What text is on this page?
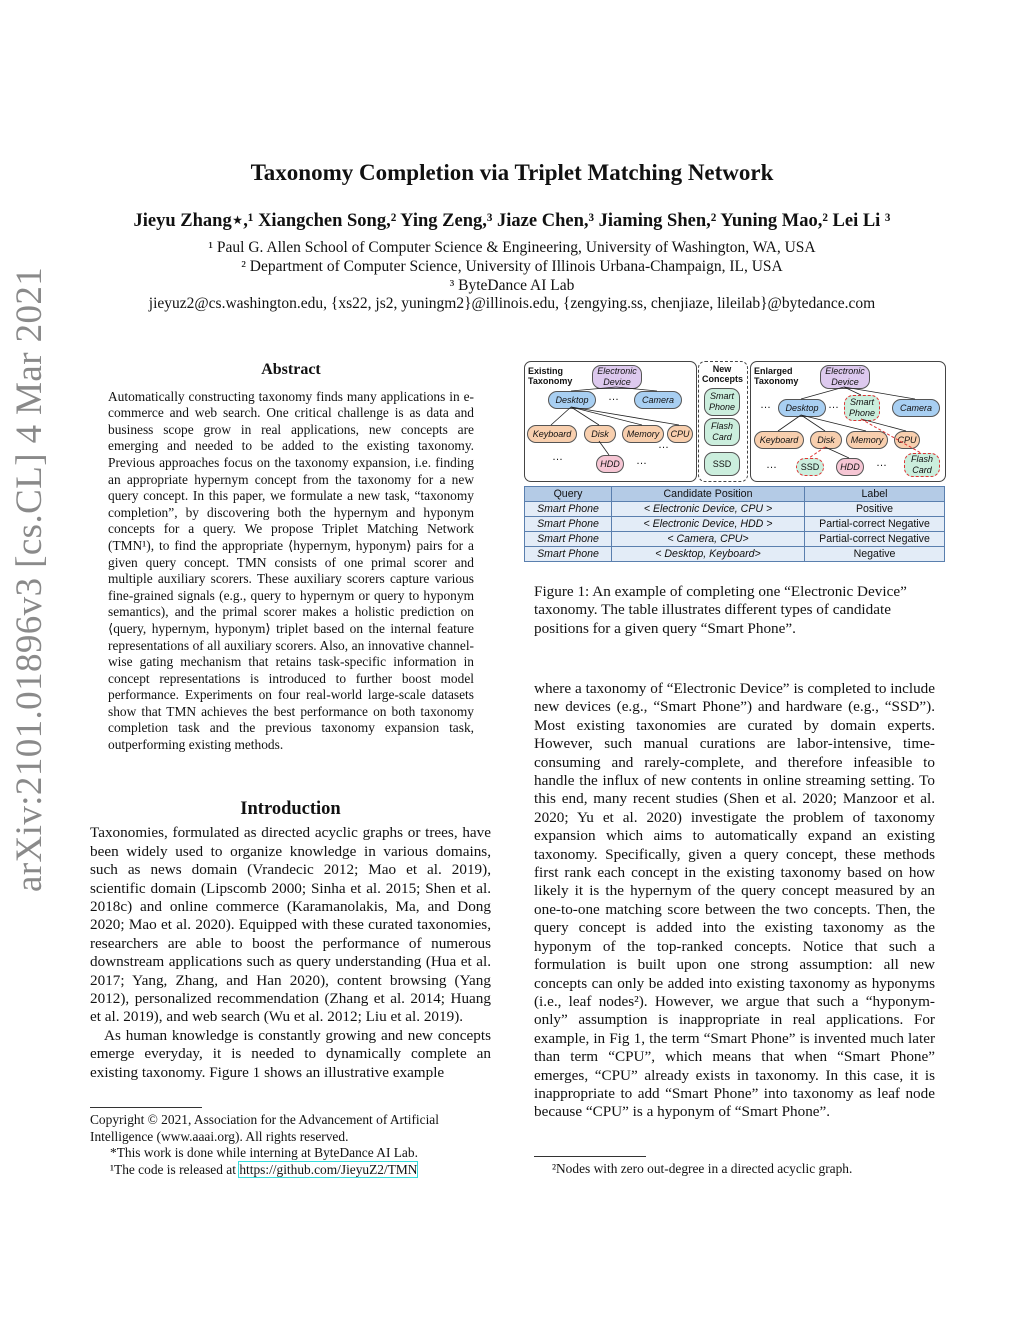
arXiv:2101.01896v3 [cs.CL] 4 Mar 2021
Taxonomy Completion via Triplet Matching Network
Jieyu Zhang⋆,¹ Xiangchen Song,² Ying Zeng,³ Jiaze Chen,³ Jiaming Shen,² Yuning Mao,² Lei Li ³
¹ Paul G. Allen School of Computer Science & Engineering, University of Washington, WA, USA
² Department of Computer Science, University of Illinois Urbana-Champaign, IL, USA
³ ByteDance AI Lab
jieyuz2@cs.washington.edu, {xs22, js2, yuningm2}@illinois.edu, {zengying.ss, chenjiaze, lileilab}@bytedance.com
Abstract

Automatically constructing taxonomy finds many applications in e-commerce and web search. One critical challenge is as data and business scope grow in real applications, new concepts are emerging and needed to be added to the existing taxonomy. Previous approaches focus on the taxonomy expansion, i.e. finding an appropriate hypernym concept from the taxonomy for a new query concept. In this paper, we formulate a new task, “taxonomy completion”, by discovering both the hypernym and hyponym concepts for a query. We propose Triplet Matching Network (TMN¹), to find the appropriate ⟨hypernym, hyponym⟩ pairs for a given query concept. TMN consists of one primal scorer and multiple auxiliary scorers. These auxiliary scorers capture various fine-grained signals (e.g., query to hypernym or query to hyponym semantics), and the primal scorer makes a holistic prediction on ⟨query, hypernym, hyponym⟩ triplet based on the internal feature representations of all auxiliary scorers. Also, an innovative channel-wise gating mechanism that retains task-specific information in concept representations is introduced to further boost model performance. Experiments on four real-world large-scale datasets show that TMN achieves the best performance on both taxonomy completion task and the previous taxonomy expansion task, outperforming existing methods.

Introduction

Taxonomies, formulated as directed acyclic graphs or trees, have been widely used to organize knowledge in various domains, such as news domain (Vrandecic 2012; Mao et al. 2019), scientific domain (Lipscomb 2000; Sinha et al. 2015; Shen et al. 2018c) and online commerce (Karamanolakis, Ma, and Dong 2020; Mao et al. 2020). Equipped with these curated taxonomies, researchers are able to boost the performance of numerous downstream applications such as query understanding (Hua et al. 2017; Yang, Zhang, and Han 2020), content browsing (Yang 2012), personalized recommendation (Zhang et al. 2014; Huang et al. 2019), and web search (Wu et al. 2012; Liu et al. 2019).

As human knowledge is constantly growing and new concepts emerge everyday, it is needed to dynamically complete an existing taxonomy. Figure 1 shows an illustrative example

Copyright © 2021, Association for the Advancement of Artificial Intelligence (www.aaai.org). All rights reserved.
*This work is done while interning at ByteDance AI Lab.
¹The code is released at https://github.com/JieyuZ2/TMN
Existing Taxonomy
Electronic Device
Desktop	…	Camera
Keyboard	Disk	Memory	CPU
…
HDD	…
…
New Concepts
Smart Phone
Flash Card
SSD
Enlarged Taxonomy
Electronic Device
…	Desktop …	Smart Phone
Camera
Keyboard	Disk	Memory	CPU
…	SSD	HDD	…	Flash Card
Query	Candidate Position	Label
Smart Phone	< Electronic Device, CPU >	Positive
Smart Phone	< Electronic Device, HDD >	Partial-correct Negative
Smart Phone	< Camera, CPU>	Partial-correct Negative
Smart Phone	< Desktop, Keyboard>	Negative
Figure 1: An example of completing one “Electronic Device” taxonomy. The table illustrates different types of candidate positions for a given query “Smart Phone”.
where a taxonomy of “Electronic Device” is completed to include new devices (e.g., “Smart Phone”) and hardware (e.g., “SSD”). Most existing taxonomies are curated by domain experts. However, such manual curations are labor-intensive, time-consuming and rarely-complete, and therefore infeasible to handle the influx of new contents in online streaming setting. To this end, many recent studies (Shen et al. 2020; Manzoor et al. 2020; Yu et al. 2020) investigate the problem of taxonomy expansion which aims to automatically expand an existing taxonomy. Specifically, given a query concept, these methods first rank each concept in the existing taxonomy based on how likely it is the hypernym of the query concept measured by an one-to-one matching score between the two concepts. Then, the query concept is added into the existing taxonomy as the hyponym of the top-ranked concepts. Notice that such a formulation is built upon one strong assumption: all new concepts can only be added into existing taxonomy as hyponyms (i.e., leaf nodes²). However, we argue that such a “hyponym-only” assumption is inappropriate in real applications. For example, in Fig 1, the term “Smart Phone” is invented much later than term “CPU”, which means that when “Smart Phone” emerges, “CPU” already exists in taxonomy. In this case, it is inappropriate to add “Smart Phone” into taxonomy as leaf node because “CPU” is a hyponym of “Smart Phone”.
²Nodes with zero out-degree in a directed acyclic graph.
